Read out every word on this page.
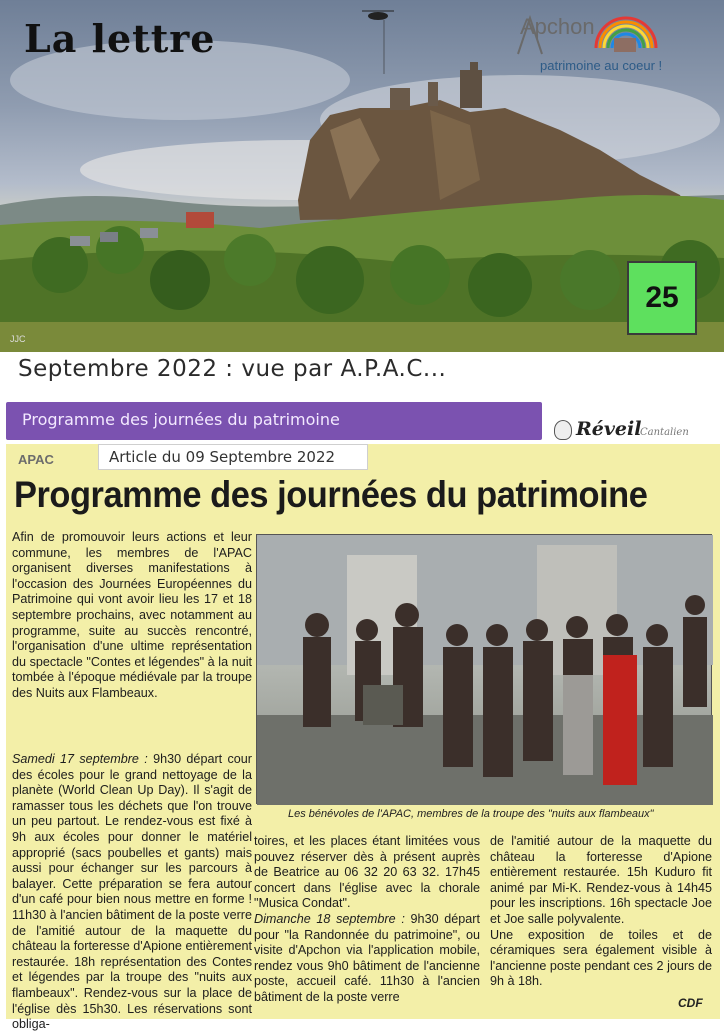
La lettre	Apchon
patrimoine au coeur !
25
JJC
Septembre 2022 : vue par A.P.A.C...
Programme des journées du patrimoine	Réveil
Cantalien
APAC	Article du 09 Septembre 2022
Programme des journées du patrimoine

Afin de promouvoir leurs actions et leur commune, les membres de l'APAC organisent diverses manifestations à l'occasion des Journées Européennes du Patrimoine qui vont avoir lieu les 17 et 18 septembre prochains, avec notamment au programme, suite au succès rencontré, l'organisation d'une ultime représentation du spectacle "Contes et légendes" à la nuit tombée à l'époque médiévale par la troupe des Nuits aux Flambeaux.

Samedi 17 septembre : 9h30 départ cour des écoles pour le grand nettoyage de la planète (World Clean Up Day). Il s'agit de ramasser tous les déchets que l'on trouve un peu partout. Le rendez-vous est fixé à 9h aux écoles pour donner le matériel approprié (sacs poubelles et gants) mais aussi pour échanger sur les parcours à balayer. Cette préparation se fera autour d'un café pour bien nous mettre en forme ! 11h30 à l'ancien bâtiment de la poste verre de l'amitié autour de la maquette du château la forteresse d'Apione entièrement restaurée. 18h représentation des Contes et légendes par la troupe des "nuits aux flambeaux". Rendez-vous sur la place de l'église dès 15h30. Les réservations sont obliga-

Les bénévoles de l'APAC, membres de la troupe des "nuits aux flambeaux"

toires, et les places étant limitées vous pouvez réserver dès à présent auprès de Beatrice au 06 32 20 63 32. 17h45 concert dans l'église avec la chorale "Musica Condat".

Dimanche 18 septembre : 9h30 départ pour "la Randonnée du patrimoine", ou visite d'Apchon via l'application mobile, rendez vous 9h0 bâtiment de l'ancienne poste, accueil café. 11h30 à l'ancien bâtiment de la poste verre

de l'amitié autour de la maquette du château la forteresse d'Apione entièrement restaurée. 15h Kuduro fit animé par Mi-K. Rendez-vous à 14h45 pour les inscriptions. 16h spectacle Joe et Joe salle polyvalente.

Une exposition de toiles et de céramiques sera également visible à l'ancienne poste pendant ces 2 jours de 9h à 18h.

CDF
